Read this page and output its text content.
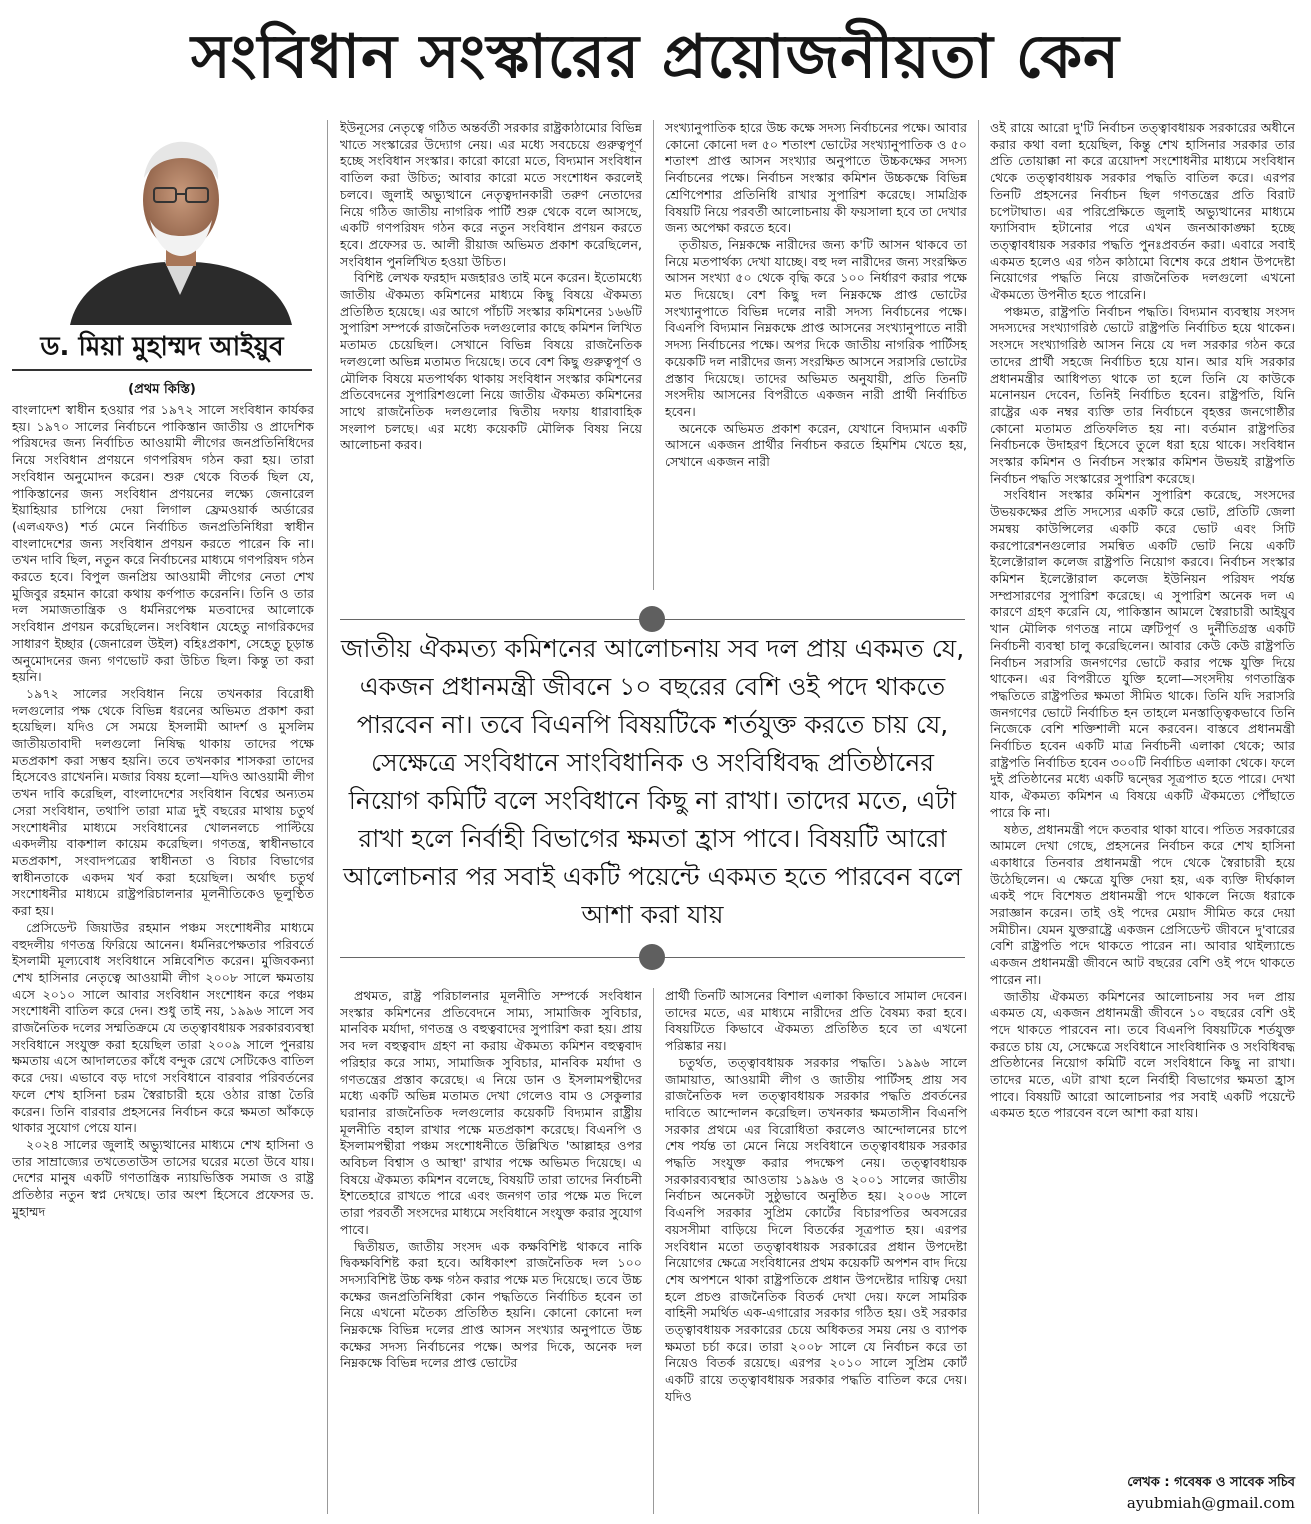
সংবিধান সংস্কারের প্রয়োজনীয়তা কেন
ড. মিয়া মুহাম্মদ আইয়ুব
(প্রথম কিস্তি)

বাংলাদেশ স্বাধীন হওয়ার পর ১৯৭২ সালে সংবিধান কার্যকর হয়। ১৯৭০ সালের নির্বাচনে পাকিস্তান জাতীয় ও প্রাদেশিক পরিষদের জন্য নির্বাচিত আওয়ামী লীগের জনপ্রতিনিধিদের নিয়ে সংবিধান প্রণয়নে গণপরিষদ গঠন করা হয়। তারা সংবিধান অনুমোদন করেন। শুরু থেকে বিতর্ক ছিল যে, পাকিস্তানের জন্য সংবিধান প্রণয়নের লক্ষ্যে জেনারেল ইয়াহিয়ার চাপিয়ে দেয়া লিগাল ফ্রেমওয়ার্ক অর্ডারের (এলএফও) শর্ত মেনে নির্বাচিত জনপ্রতিনিধিরা স্বাধীন বাংলাদেশের জন্য সংবিধান প্রণয়ন করতে পারেন কি না। তখন দাবি ছিল, নতুন করে নির্বাচনের মাধ্যমে গণপরিষদ গঠন করতে হবে। বিপুল জনপ্রিয় আওয়ামী লীগের নেতা শেখ মুজিবুর রহমান কারো কথায় কর্ণপাত করেননি। তিনি ও তার দল সমাজতান্ত্রিক ও ধর্মনিরপেক্ষ মতবাদের আলোকে সংবিধান প্রণয়ন করেছিলেন। সংবিধান যেহেতু নাগরিকদের সাধারণ ইচ্ছার (জেনারেল উইল) বহিঃপ্রকাশ, সেহেতু চূড়ান্ত অনুমোদনের জন্য গণভোট করা উচিত ছিল। কিন্তু তা করা হয়নি।

১৯৭২ সালের সংবিধান নিয়ে তখনকার বিরোধী দলগুলোর পক্ষ থেকে বিভিন্ন ধরনের অভিমত প্রকাশ করা হয়েছিল। যদিও সে সময়ে ইসলামী আদর্শ ও মুসলিম জাতীয়তাবাদী দলগুলো নিষিদ্ধ থাকায় তাদের পক্ষে মতপ্রকাশ করা সম্ভব হয়নি। তবে তখনকার শাসকরা তাদের হিসেবেও রাখেননি। মজার বিষয় হলো—যদিও আওয়ামী লীগ তখন দাবি করেছিল, বাংলাদেশের সংবিধান বিশ্বের অন্যতম সেরা সংবিধান, তথাপি তারা মাত্র দুই বছরের মাথায় চতুর্থ সংশোধনীর মাধ্যমে সংবিধানের খোলনলচে পাল্টিয়ে একদলীয় বাকশাল কায়েম করেছিল। গণতন্ত্র, স্বাধীনভাবে মতপ্রকাশ, সংবাদপত্রের স্বাধীনতা ও বিচার বিভাগের স্বাধীনতাকে একদম খর্ব করা হয়েছিল। অর্থাৎ চতুর্থ সংশোধনীর মাধ্যমে রাষ্ট্রপরিচালনার মূলনীতিকেও ভূলুণ্ঠিত করা হয়।

প্রেসিডেন্ট জিয়াউর রহমান পঞ্চম সংশোধনীর মাধ্যমে বহুদলীয় গণতন্ত্র ফিরিয়ে আনেন। ধর্মনিরপেক্ষতার পরিবর্তে ইসলামী মূল্যবোধ সংবিধানে সন্নিবেশিত করেন। মুজিবকন্যা শেখ হাসিনার নেতৃত্বে আওয়ামী লীগ ২০০৮ সালে ক্ষমতায় এসে ২০১০ সালে আবার সংবিধান সংশোধন করে পঞ্চম সংশোধনী বাতিল করে দেন। শুধু তাই নয়, ১৯৯৬ সালে সব রাজনৈতিক দলের সম্মতিক্রমে যে তত্ত্বাবধায়ক সরকারব্যবস্থা সংবিধানে সংযুক্ত করা হয়েছিল তারা ২০০৯ সালে পুনরায় ক্ষমতায় এসে আদালতের কাঁধে বন্দুক রেখে সেটিকেও বাতিল করে দেয়। এভাবে বড় দাগে সংবিধানে বারবার পরিবর্তনের ফলে শেখ হাসিনা চরম স্বৈরাচারী হয়ে ওঠার রাস্তা তৈরি করেন। তিনি বারবার প্রহসনের নির্বাচন করে ক্ষমতা আঁকড়ে থাকার সুযোগ পেয়ে যান।

২০২৪ সালের জুলাই অভ্যুত্থানের মাধ্যমে শেখ হাসিনা ও তার সাম্রাজ্যের তখতেতাউস তাসের ঘরের মতো উবে যায়। দেশের মানুষ একটি গণতান্ত্রিক ন্যায়ভিত্তিক সমাজ ও রাষ্ট্র প্রতিষ্ঠার নতুন স্বপ্ন দেখছে। তার অংশ হিসেবে প্রফেসর ড. মুহাম্মদ

ইউনূসের নেতৃত্বে গঠিত অন্তর্বর্তী সরকার রাষ্ট্রকাঠামোর বিভিন্ন খাতে সংস্কারের উদ্যোগ নেয়। এর মধ্যে সবচেয়ে গুরুত্বপূর্ণ হচ্ছে সংবিধান সংস্কার। কারো কারো মতে, বিদ্যমান সংবিধান বাতিল করা উচিত; আবার কারো মতে সংশোধন করলেই চলবে। জুলাই অভ্যুত্থানে নেতৃত্বদানকারী তরুণ নেতাদের নিয়ে গঠিত জাতীয় নাগরিক পার্টি শুরু থেকে বলে আসছে, একটি গণপরিষদ গঠন করে নতুন সংবিধান প্রণয়ন করতে হবে। প্রফেসর ড. আলী রীয়াজ অভিমত প্রকাশ করেছিলেন, সংবিধান পুনর্লিখিত হওয়া উচিত।

বিশিষ্ট লেখক ফরহাদ মজহারও তাই মনে করেন। ইতোমধ্যে জাতীয় ঐকমত্য কমিশনের মাধ্যমে কিছু বিষয়ে ঐকমত্য প্রতিষ্ঠিত হয়েছে। এর আগে পাঁচটি সংস্কার কমিশনের ১৬৬টি সুপারিশ সম্পর্কে রাজনৈতিক দলগুলোর কাছে কমিশন লিখিত মতামত চেয়েছিল। সেখানে বিভিন্ন বিষয়ে রাজনৈতিক দলগুলো অভিন্ন মতামত দিয়েছে। তবে বেশ কিছু গুরুত্বপূর্ণ ও মৌলিক বিষয়ে মতপার্থক্য থাকায় সংবিধান সংস্কার কমিশনের প্রতিবেদনের সুপারিশগুলো নিয়ে জাতীয় ঐকমত্য কমিশনের সাথে রাজনৈতিক দলগুলোর দ্বিতীয় দফায় ধারাবাহিক সংলাপ চলছে। এর মধ্যে কয়েকটি মৌলিক বিষয় নিয়ে আলোচনা করব।

সংখ্যানুপাতিক হারে উচ্চ কক্ষে সদস্য নির্বাচনের পক্ষে। আবার কোনো কোনো দল ৫০ শতাংশ ভোটের সংখ্যানুপাতিক ও ৫০ শতাংশ প্রাপ্ত আসন সংখ্যার অনুপাতে উচ্চকক্ষের সদস্য নির্বাচনের পক্ষে। নির্বাচন সংস্কার কমিশন উচ্চকক্ষে বিভিন্ন শ্রেণিপেশার প্রতিনিধি রাখার সুপারিশ করেছে। সামগ্রিক বিষয়টি নিয়ে পরবর্তী আলোচনায় কী ফয়সালা হবে তা দেখার জন্য অপেক্ষা করতে হবে।

তৃতীয়ত, নিম্নকক্ষে নারীদের জন্য ক'টি আসন থাকবে তা নিয়ে মতপার্থক্য দেখা যাচ্ছে। বহু দল নারীদের জন্য সংরক্ষিত আসন সংখ্যা ৫০ থেকে বৃদ্ধি করে ১০০ নির্ধারণ করার পক্ষে মত দিয়েছে। বেশ কিছু দল নিম্নকক্ষে প্রাপ্ত ভোটের সংখ্যানুপাতে বিভিন্ন দলের নারী সদস্য নির্বাচনের পক্ষে। বিএনপি বিদ্যমান নিম্নকক্ষে প্রাপ্ত আসনের সংখ্যানুপাতে নারী সদস্য নির্বাচনের পক্ষে। অপর দিকে জাতীয় নাগরিক পার্টিসহ কয়েকটি দল নারীদের জন্য সংরক্ষিত আসনে সরাসরি ভোটের প্রস্তাব দিয়েছে। তাদের অভিমত অনুযায়ী, প্রতি তিনটি সংসদীয় আসনের বিপরীতে একজন নারী প্রার্থী নির্বাচিত হবেন।

অনেকে অভিমত প্রকাশ করেন, যেখানে বিদ্যমান একটি আসনে একজন প্রার্থীর নির্বাচন করতে হিমশিম খেতে হয়, সেখানে একজন নারী

জাতীয় ঐকমত্য কমিশনের আলোচনায় সব দল প্রায় একমত যে, একজন প্রধানমন্ত্রী জীবনে ১০ বছরের বেশি ওই পদে থাকতে পারবেন না। তবে বিএনপি বিষয়টিকে শর্তযুক্ত করতে চায় যে, সেক্ষেত্রে সংবিধানে সাংবিধানিক ও সংবিধিবদ্ধ প্রতিষ্ঠানের নিয়োগ কমিটি বলে সংবিধানে কিছু না রাখা। তাদের মতে, এটা রাখা হলে নির্বাহী বিভাগের ক্ষমতা হ্রাস পাবে। বিষয়টি আরো আলোচনার পর সবাই একটি পয়েন্টে একমত হতে পারবেন বলে আশা করা যায়

প্রথমত, রাষ্ট্র পরিচালনার মূলনীতি সম্পর্কে সংবিধান সংস্কার কমিশনের প্রতিবেদনে সাম্য, সামাজিক সুবিচার, মানবিক মর্যাদা, গণতন্ত্র ও বহুত্ববাদের সুপারিশ করা হয়। প্রায় সব দল বহুত্ববাদ গ্রহণ না করায় ঐকমত্য কমিশন বহুত্ববাদ পরিহার করে সাম্য, সামাজিক সুবিচার, মানবিক মর্যাদা ও গণতন্ত্রের প্রস্তাব করেছে। এ নিয়ে ডান ও ইসলামপন্থীদের মধ্যে একটি অভিন্ন মতামত দেখা গেলেও বাম ও সেকুলার ঘরানার রাজনৈতিক দলগুলোর কয়েকটি বিদ্যমান রাষ্ট্রীয় মূলনীতি বহাল রাখার পক্ষে মতপ্রকাশ করেছে। বিএনপি ও ইসলামপন্থীরা পঞ্চম সংশোধনীতে উল্লিখিত 'আল্লাহর ওপর অবিচল বিশ্বাস ও আস্থা' রাখার পক্ষে অভিমত দিয়েছে। এ বিষয়ে ঐকমত্য কমিশন বলেছে, বিষয়টি তারা তাদের নির্বাচনী ইশতেহারে রাখতে পারে এবং জনগণ তার পক্ষে মত দিলে তারা পরবর্তী সংসদের মাধ্যমে সংবিধানে সংযুক্ত করার সুযোগ পাবে।

দ্বিতীয়ত, জাতীয় সংসদ এক কক্ষবিশিষ্ট থাকবে নাকি দ্বিকক্ষবিশিষ্ট করা হবে। অধিকাংশ রাজনৈতিক দল ১০০ সদস্যবিশিষ্ট উচ্চ কক্ষ গঠন করার পক্ষে মত দিয়েছে। তবে উচ্চ কক্ষের জনপ্রতিনিধিরা কোন পদ্ধতিতে নির্বাচিত হবেন তা নিয়ে এখনো মতৈক্য প্রতিষ্ঠিত হয়নি। কোনো কোনো দল নিম্নকক্ষে বিভিন্ন দলের প্রাপ্ত আসন সংখ্যার অনুপাতে উচ্চ কক্ষের সদস্য নির্বাচনের পক্ষে। অপর দিকে, অনেক দল নিম্নকক্ষে বিভিন্ন দলের প্রাপ্ত ভোটের

প্রার্থী তিনটি আসনের বিশাল এলাকা কিভাবে সামাল দেবেন। তাদের মতে, এর মাধ্যমে নারীদের প্রতি বৈষম্য করা হবে। বিষয়টিতে কিভাবে ঐকমত্য প্রতিষ্ঠিত হবে তা এখনো পরিষ্কার নয়।

চতুর্থত, তত্ত্বাবধায়ক সরকার পদ্ধতি। ১৯৯৬ সালে জামায়াত, আওয়ামী লীগ ও জাতীয় পার্টিসহ প্রায় সব রাজনৈতিক দল তত্ত্বাবধায়ক সরকার পদ্ধতি প্রবর্তনের দাবিতে আন্দোলন করেছিল। তখনকার ক্ষমতাসীন বিএনপি সরকার প্রথমে এর বিরোধিতা করলেও আন্দোলনের চাপে শেষ পর্যন্ত তা মেনে নিয়ে সংবিধানে তত্ত্বাবধায়ক সরকার পদ্ধতি সংযুক্ত করার পদক্ষেপ নেয়। তত্ত্বাবধায়ক সরকারব্যবস্থার আওতায় ১৯৯৬ ও ২০০১ সালের জাতীয় নির্বাচন অনেকটা সুষ্ঠুভাবে অনুষ্ঠিত হয়। ২০০৬ সালে বিএনপি সরকার সুপ্রিম কোর্টের বিচারপতির অবসরের বয়সসীমা বাড়িয়ে দিলে বিতর্কের সূত্রপাত হয়। এরপর সংবিধান মতো তত্ত্বাবধায়ক সরকারের প্রধান উপদেষ্টা নিয়োগের ক্ষেত্রে সংবিধানের প্রথম কয়েকটি অপশন বাদ দিয়ে শেষ অপশনে থাকা রাষ্ট্রপতিকে প্রধান উপদেষ্টার দায়িত্ব দেয়া হলে প্রচণ্ড রাজনৈতিক বিতর্ক দেখা দেয়। ফলে সামরিক বাহিনী সমর্থিত এক-এগারোর সরকার গঠিত হয়। ওই সরকার তত্ত্বাবধায়ক সরকারের চেয়ে অধিকতর সময় নেয় ও ব্যাপক ক্ষমতা চর্চা করে। তারা ২০০৮ সালে যে নির্বাচন করে তা নিয়েও বিতর্ক রয়েছে। এরপর ২০১০ সালে সুপ্রিম কোর্ট একটি রায়ে তত্ত্বাবধায়ক সরকার পদ্ধতি বাতিল করে দেয়। যদিও

ওই রায়ে আরো দু'টি নির্বাচন তত্ত্বাবধায়ক সরকারের অধীনে করার কথা বলা হয়েছিল, কিন্তু শেখ হাসিনার সরকার তার প্রতি তোয়াক্কা না করে ত্রয়োদশ সংশোধনীর মাধ্যমে সংবিধান থেকে তত্ত্বাবধায়ক সরকার পদ্ধতি বাতিল করে। এরপর তিনটি প্রহসনের নির্বাচন ছিল গণতন্ত্রের প্রতি বিরাট চপেটাঘাত। এর পরিপ্রেক্ষিতে জুলাই অভ্যুত্থানের মাধ্যমে ফ্যাসিবাদ হটানোর পরে এখন জনআকাঙ্ক্ষা হচ্ছে তত্ত্বাবধায়ক সরকার পদ্ধতি পুনঃপ্রবর্তন করা। এবারে সবাই একমত হলেও এর গঠন কাঠামো বিশেষ করে প্রধান উপদেষ্টা নিয়োগের পদ্ধতি নিয়ে রাজনৈতিক দলগুলো এখনো ঐকমত্যে উপনীত হতে পারেনি।

পঞ্চমত, রাষ্ট্রপতি নির্বাচন পদ্ধতি। বিদ্যমান ব্যবস্থায় সংসদ সদস্যদের সংখ্যাগরিষ্ঠ ভোটে রাষ্ট্রপতি নির্বাচিত হয়ে থাকেন। সংসদে সংখ্যাগরিষ্ঠ আসন নিয়ে যে দল সরকার গঠন করে তাদের প্রার্থী সহজে নির্বাচিত হয়ে যান। আর যদি সরকার প্রধানমন্ত্রীর আধিপত্য থাকে তা হলে তিনি যে কাউকে মনোনয়ন দেবেন, তিনিই নির্বাচিত হবেন। রাষ্ট্রপতি, যিনি রাষ্ট্রের এক নম্বর ব্যক্তি তার নির্বাচনে বৃহত্তর জনগোষ্ঠীর কোনো মতামত প্রতিফলিত হয় না। বর্তমান রাষ্ট্রপতির নির্বাচনকে উদাহরণ হিসেবে তুলে ধরা হয়ে থাকে। সংবিধান সংস্কার কমিশন ও নির্বাচন সংস্কার কমিশন উভয়ই রাষ্ট্রপতি নির্বাচন পদ্ধতি সংস্কারের সুপারিশ করেছে।

সংবিধান সংস্কার কমিশন সুপারিশ করেছে, সংসদের উভয়কক্ষের প্রতি সদস্যের একটি করে ভোট, প্রতিটি জেলা সমন্বয় কাউন্সিলের একটি করে ভোট এবং সিটি করপোরেশনগুলোর সমন্বিত একটি ভোট নিয়ে একটি ইলেক্টোরাল কলেজ রাষ্ট্রপতি নিয়োগ করবে। নির্বাচন সংস্কার কমিশন ইলেক্টোরাল কলেজ ইউনিয়ন পরিষদ পর্যন্ত সম্প্রসারণের সুপারিশ করেছে। এ সুপারিশ অনেক দল এ কারণে গ্রহণ করেনি যে, পাকিস্তান আমলে স্বৈরাচারী আইয়ুব খান মৌলিক গণতন্ত্র নামে ত্রুটিপূর্ণ ও দুর্নীতিগ্রস্ত একটি নির্বাচনী ব্যবস্থা চালু করেছিলেন। আবার কেউ কেউ রাষ্ট্রপতি নির্বাচন সরাসরি জনগণের ভোটে করার পক্ষে যুক্তি দিয়ে থাকেন। এর বিপরীতে যুক্তি হলো—সংসদীয় গণতান্ত্রিক পদ্ধতিতে রাষ্ট্রপতির ক্ষমতা সীমিত থাকে। তিনি যদি সরাসরি জনগণের ভোটে নির্বাচিত হন তাহলে মনস্তাত্ত্বিকভাবে তিনি নিজেকে বেশি শক্তিশালী মনে করবেন। বাস্তবে প্রধানমন্ত্রী নির্বাচিত হবেন একটি মাত্র নির্বাচনী এলাকা থেকে; আর রাষ্ট্রপতি নির্বাচিত হবেন ৩০০টি নির্বাচিত এলাকা থেকে। ফলে দুই প্রতিষ্ঠানের মধ্যে একটি দ্বন্দ্বের সূত্রপাত হতে পারে। দেখা যাক, ঐকমত্য কমিশন এ বিষয়ে একটি ঐকমত্যে পৌঁছাতে পারে কি না।

ষষ্ঠত, প্রধানমন্ত্রী পদে কতবার থাকা যাবে। পতিত সরকারের আমলে দেখা গেছে, প্রহসনের নির্বাচন করে শেখ হাসিনা একাধারে তিনবার প্রধানমন্ত্রী পদে থেকে স্বৈরাচারী হয়ে উঠেছিলেন। এ ক্ষেত্রে যুক্তি দেয়া হয়, এক ব্যক্তি দীর্ঘকাল একই পদে বিশেষত প্রধানমন্ত্রী পদে থাকলে নিজে ধরাকে সরাজ্ঞান করেন। তাই ওই পদের মেয়াদ সীমিত করে দেয়া সমীচীন। যেমন যুক্তরাষ্ট্রে একজন প্রেসিডেন্ট জীবনে দু'বারের বেশি রাষ্ট্রপতি পদে থাকতে পারেন না। আবার থাইল্যান্ডে একজন প্রধানমন্ত্রী জীবনে আট বছরের বেশি ওই পদে থাকতে পারেন না।

জাতীয় ঐকমত্য কমিশনের আলোচনায় সব দল প্রায় একমত যে, একজন প্রধানমন্ত্রী জীবনে ১০ বছরের বেশি ওই পদে থাকতে পারবেন না। তবে বিএনপি বিষয়টিকে শর্তযুক্ত করতে চায় যে, সেক্ষেত্রে সংবিধানে সাংবিধানিক ও সংবিধিবদ্ধ প্রতিষ্ঠানের নিয়োগ কমিটি বলে সংবিধানে কিছু না রাখা। তাদের মতে, এটা রাখা হলে নির্বাহী বিভাগের ক্ষমতা হ্রাস পাবে। বিষয়টি আরো আলোচনার পর সবাই একটি পয়েন্টে একমত হতে পারবেন বলে আশা করা যায়।

লেখক : গবেষক ও সাবেক সচিব
ayubmiah@gmail.com
